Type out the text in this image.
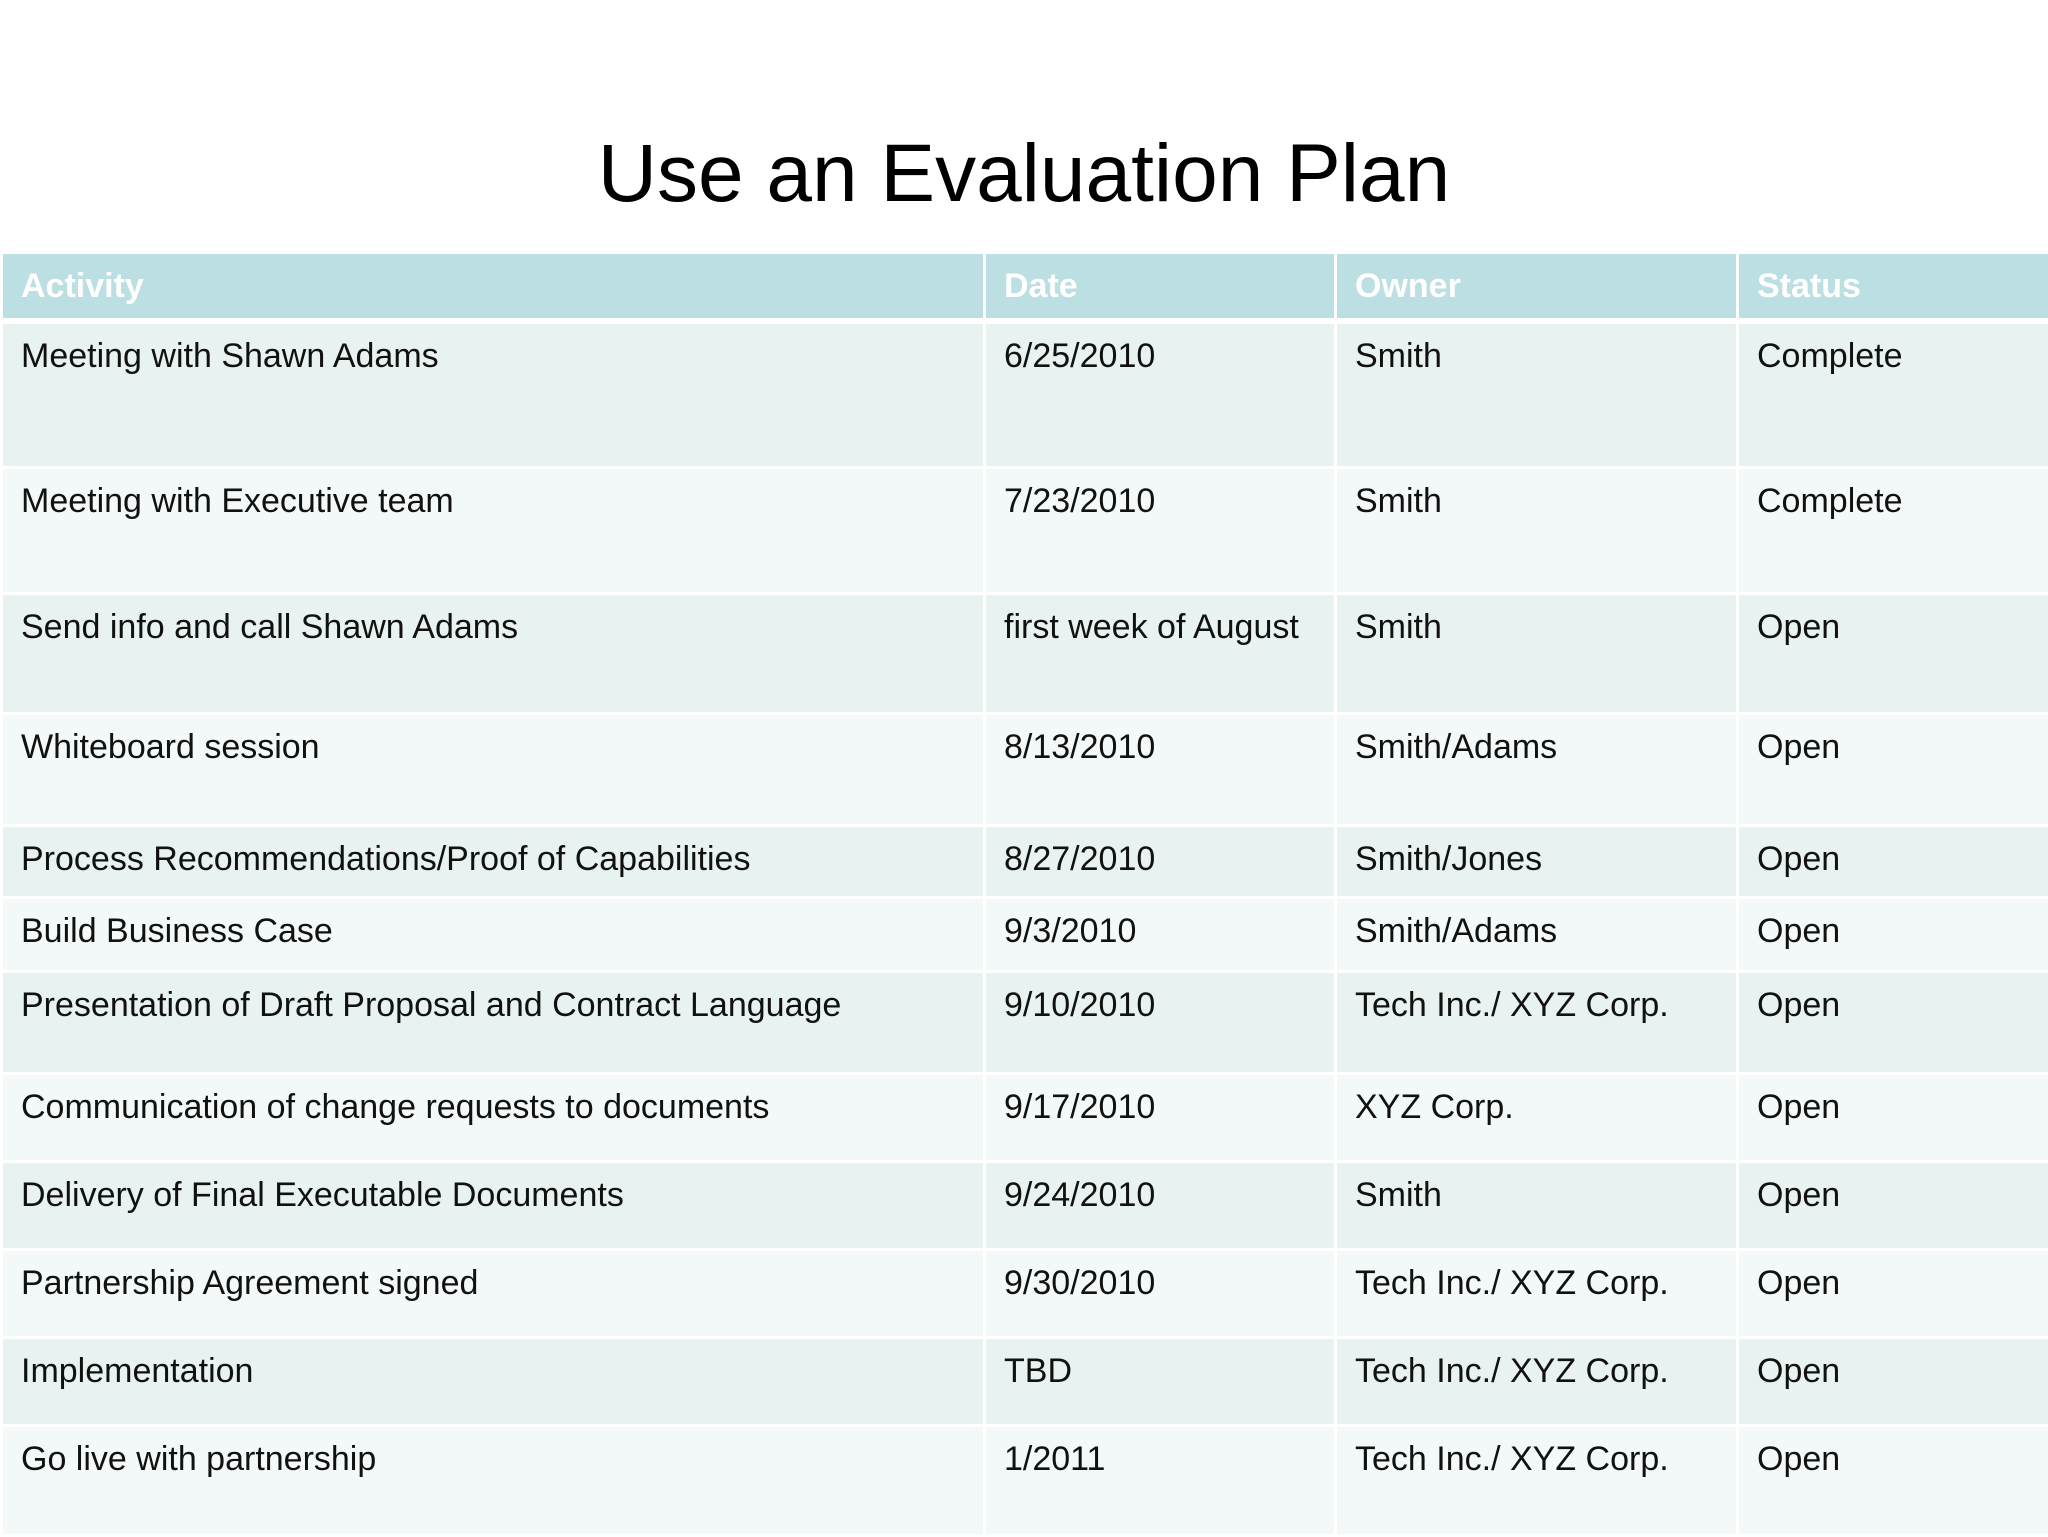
Use an Evaluation Plan
Activity	Date	Owner	Status
Meeting with Shawn Adams	6/25/2010	Smith	Complete
Meeting with Executive team	7/23/2010	Smith	Complete
Send info and call Shawn Adams	first week of August	Smith	Open
Whiteboard session	8/13/2010	Smith/Adams	Open
Process Recommendations/Proof of Capabilities	8/27/2010	Smith/Jones	Open
Build Business Case	9/3/2010	Smith/Adams	Open
Presentation of Draft Proposal and Contract Language	9/10/2010	Tech Inc./ XYZ Corp.	Open
Communication of change requests to documents	9/17/2010	XYZ Corp.	Open
Delivery of Final Executable Documents	9/24/2010	Smith	Open
Partnership Agreement signed	9/30/2010	Tech Inc./ XYZ Corp.	Open
Implementation	TBD	Tech Inc./ XYZ Corp.	Open
Go live with partnership	1/2011	Tech Inc./ XYZ Corp.	Open
